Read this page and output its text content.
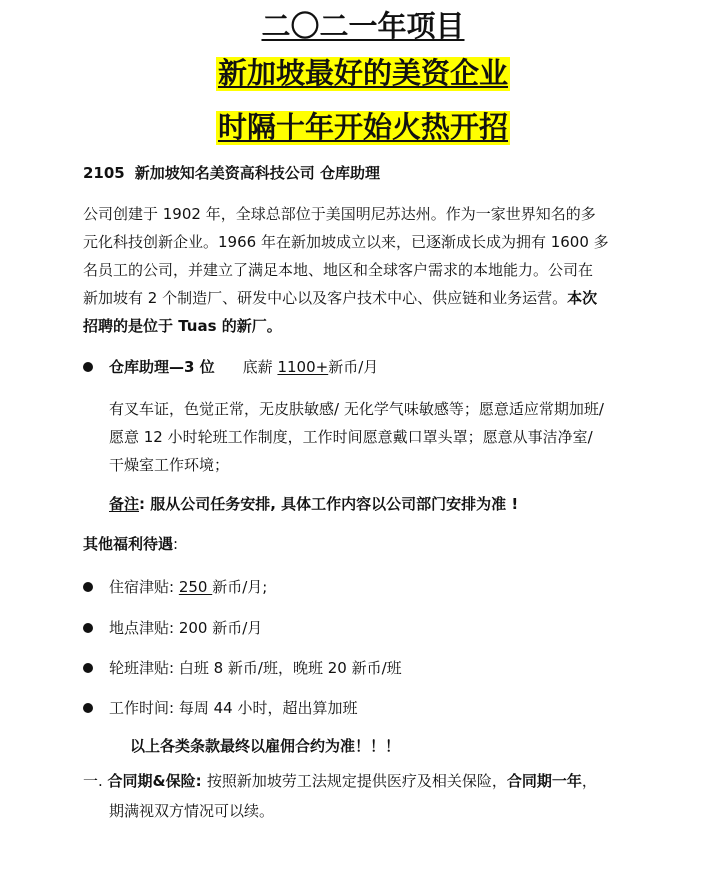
二〇二一年项目
新加坡最好的美资企业
时隔十年开始火热开招
2105 新加坡知名美资高科技公司 仓库助理
公司创建于 1902 年，全球总部位于美国明尼苏达州。作为一家世界知名的多
元化科技创新企业。1966 年在新加坡成立以来，已逐渐成长成为拥有 1600 多
名员工的公司，并建立了满足本地、地区和全球客户需求的本地能力。公司在
新加坡有 2 个制造厂、研发中心以及客户技术中心、供应链和业务运营。本次
招聘的是位于 Tuas 的新厂。
仓库助理—3 位 底薪 1100+新币/月
有叉车证，色觉正常，无皮肤敏感/ 无化学气味敏感等；愿意适应常期加班/
愿意 12 小时轮班工作制度，工作时间愿意戴口罩头罩；愿意从事洁净室/
干燥室工作环境；
备注: 服从公司任务安排, 具体工作内容以公司部门安排为准 !
其他福利待遇:
住宿津贴: 250 新币/月;
地点津贴: 200 新币/月
轮班津贴: 白班 8 新币/班，晚班 20 新币/班
工作时间: 每周 44 小时，超出算加班
以上各类条款最终以雇佣合约为准！！！
一. 合同期&保险: 按照新加坡劳工法规定提供医疗及相关保险，合同期一年，
期满视双方情况可以续。
